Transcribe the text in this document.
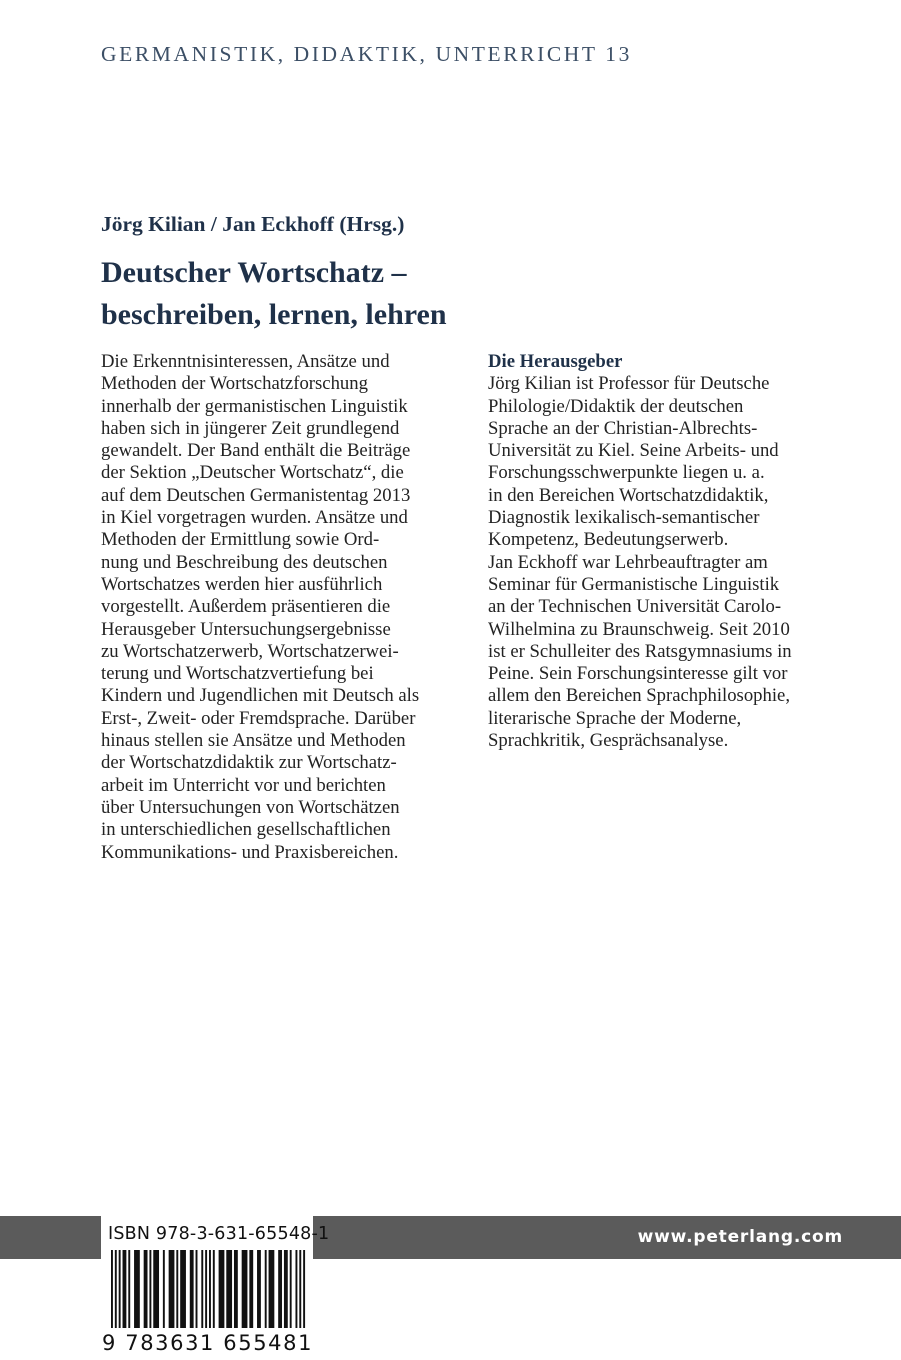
GERMANISTIK, DIDAKTIK, UNTERRICHT 13
Jörg Kilian / Jan Eckhoff (Hrsg.)
Deutscher Wortschatz –
beschreiben, lernen, lehren
Die Erkenntnisinteressen, Ansätze und
Methoden der Wortschatzforschung
innerhalb der germanistischen Linguistik
haben sich in jüngerer Zeit grundlegend
gewandelt. Der Band enthält die Beiträge
der Sektion „Deutscher Wortschatz“, die
auf dem Deutschen Germanistentag 2013
in Kiel vorgetragen wurden. Ansätze und
Methoden der Ermittlung sowie Ord-
nung und Beschreibung des deutschen
Wortschatzes werden hier ausführlich
vorgestellt. Außerdem präsentieren die
Herausgeber Untersuchungsergebnisse
zu Wortschatzerwerb, Wortschatzerwei-
terung und Wortschatzvertiefung bei
Kindern und Jugendlichen mit Deutsch als
Erst-, Zweit- oder Fremdsprache. Darüber
hinaus stellen sie Ansätze und Methoden
der Wortschatzdidaktik zur Wortschatz-
arbeit im Unterricht vor und berichten
über Untersuchungen von Wortschätzen
in unterschiedlichen gesellschaftlichen
Kommunikations- und Praxisbereichen.
Die Herausgeber
Jörg Kilian ist Professor für Deutsche
Philologie/Didaktik der deutschen
Sprache an der Christian-Albrechts-
Universität zu Kiel. Seine Arbeits- und
Forschungsschwerpunkte liegen u. a.
in den Bereichen Wortschatzdidaktik,
Diagnostik lexikalisch-semantischer
Kompetenz, Bedeutungserwerb.
Jan Eckhoff war Lehrbeauftragter am
Seminar für Germanistische Linguistik
an der Technischen Universität Carolo-
Wilhelmina zu Braunschweig. Seit 2010
ist er Schulleiter des Ratsgymnasiums in
Peine. Sein Forschungsinteresse gilt vor
allem den Bereichen Sprachphilosophie,
literarische Sprache der Moderne,
Sprachkritik, Gesprächsanalyse.
www.peterlang.com
ISBN 978-3-631-65548-1
9 783631 655481
